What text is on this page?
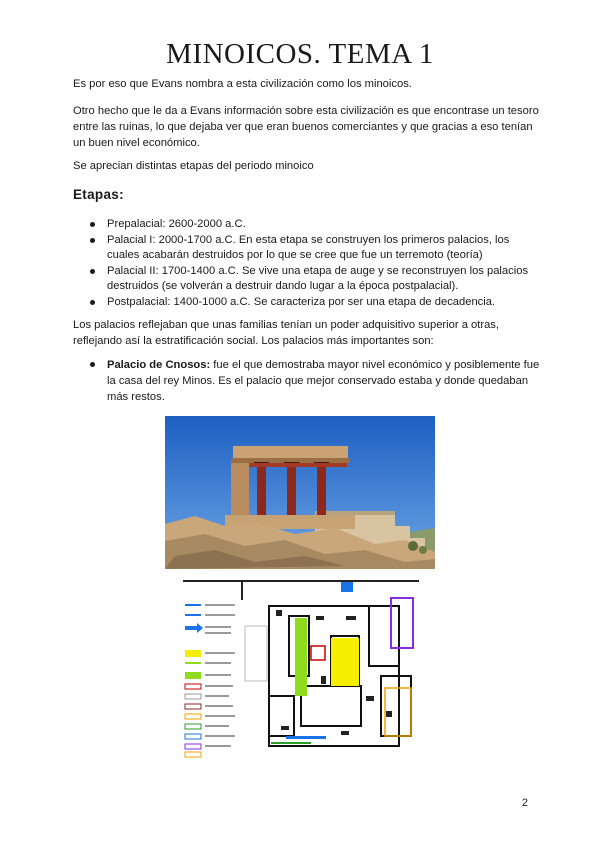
MINOICOS. TEMA 1

Es por eso que Evans nombra a esta civilización como los minoicos.

Otro hecho que le da a Evans información sobre esta civilización es que encontrase un tesoro entre las ruinas, lo que dejaba ver que eran buenos comerciantes y que gracias a eso tenían un buen nivel económico.

Se aprecian distintas etapas del periodo minoico

Etapas:
Prepalacial: 2600-2000 a.C.
Palacial I: 2000-1700 a.C. En esta etapa se construyen los primeros palacios, los cuales acabarán destruidos por lo que se cree que fue un terremoto (teoría)
Palacial II: 1700-1400 a.C. Se vive una etapa de auge y se reconstruyen los palacios destruidos (se volverán a destruir dando lugar a la época postpalacial).
Postpalacial: 1400-1000 a.C. Se caracteriza por ser una etapa de decadencia.

Los palacios reflejaban que unas familias tenían un poder adquisitivo superior a otras, reflejando así la estratificación social. Los palacios más importantes son:

Palacio de Cnosos: fue el que demostraba mayor nivel económico y posiblemente fue la casa del rey Minos. Es el palacio que mejor conservado estaba y donde quedaban más restos.
2
